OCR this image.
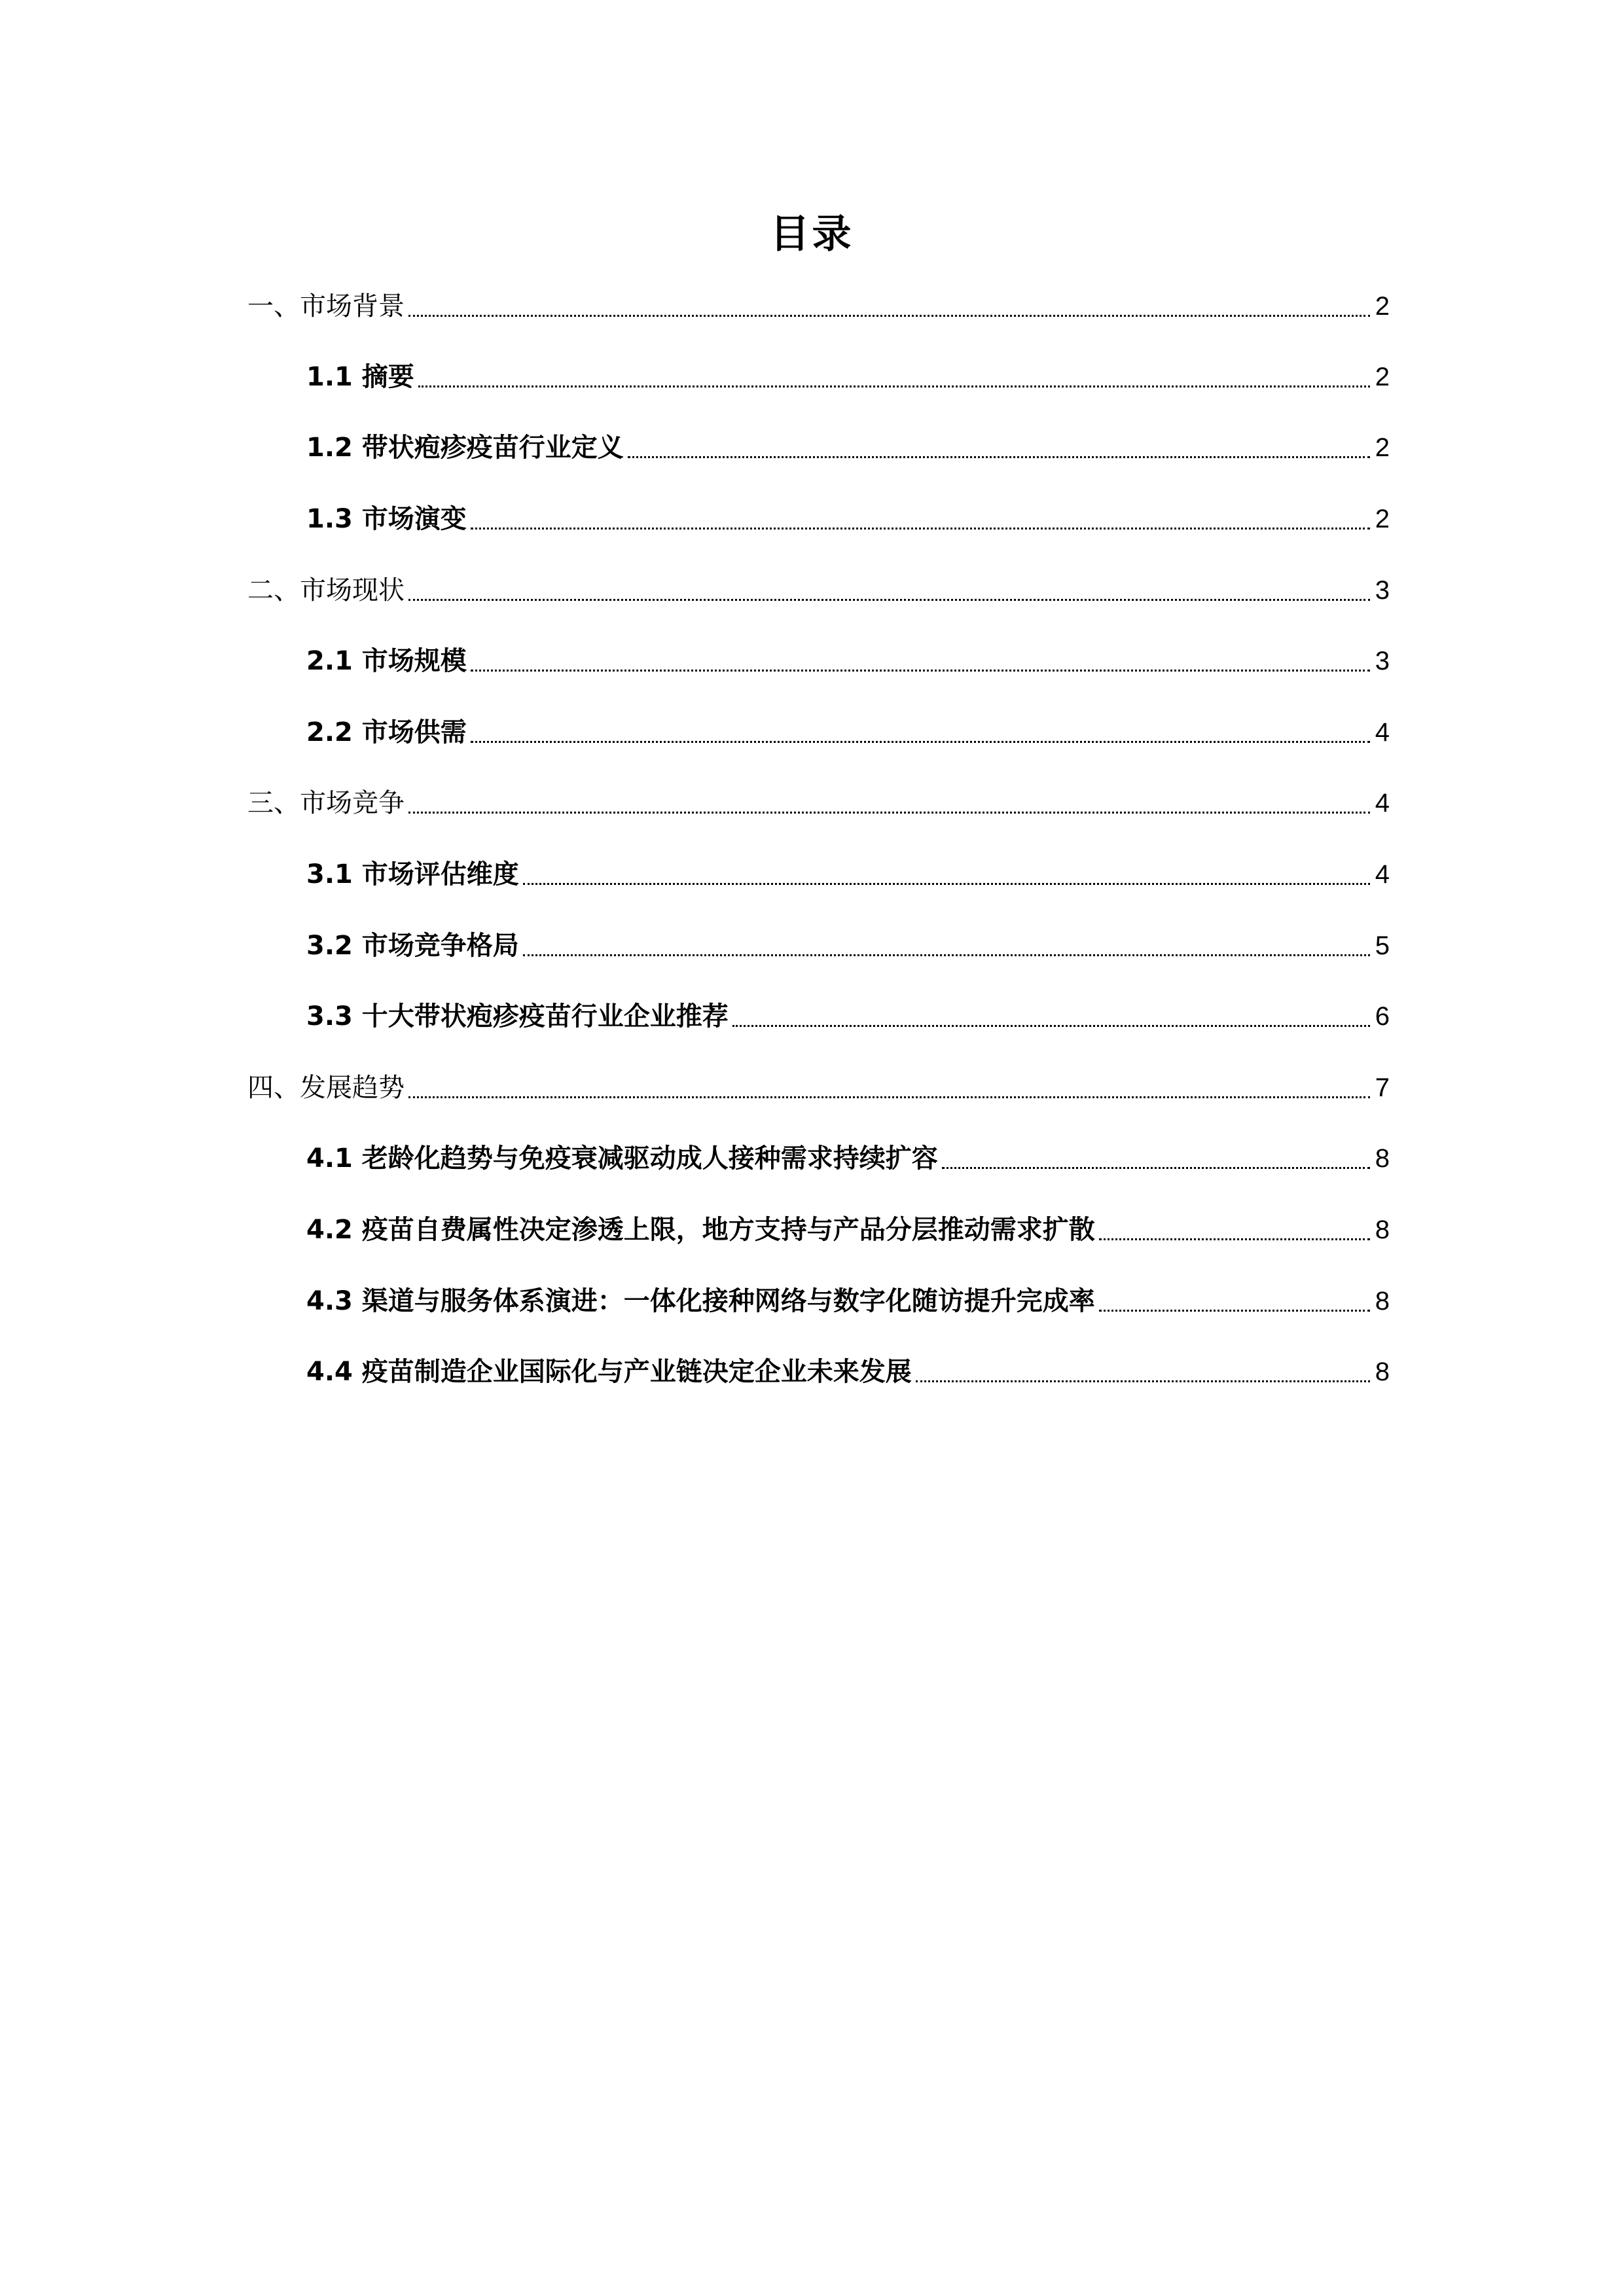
目录
一、市场背景	2
1.1 摘要	2
1.2 带状疱疹疫苗行业定义	2
1.3 市场演变	2
二、市场现状	3
2.1 市场规模	3
2.2 市场供需	4
三、市场竞争	4
3.1 市场评估维度	4
3.2 市场竞争格局	5
3.3 十大带状疱疹疫苗行业企业推荐	6
四、发展趋势	7
4.1 老龄化趋势与免疫衰减驱动成人接种需求持续扩容	8
4.2 疫苗自费属性决定渗透上限，地方支持与产品分层推动需求扩散	8
4.3 渠道与服务体系演进：一体化接种网络与数字化随访提升完成率	8
4.4 疫苗制造企业国际化与产业链决定企业未来发展	8
